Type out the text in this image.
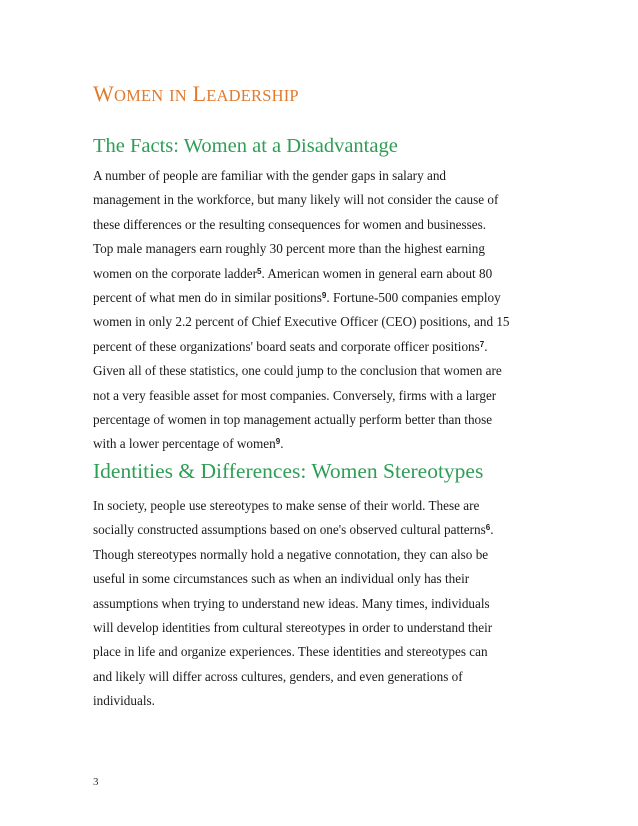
WOMEN IN LEADERSHIP
The Facts: Women at a Disadvantage
A number of people are familiar with the gender gaps in salary and
management in the workforce, but many likely will not consider the cause of
these differences or the resulting consequences for women and businesses.
Top male managers earn roughly 30 percent more than the highest earning
women on the corporate ladder$^5$. American women in general earn about 80
percent of what men do in similar positions$^9$. Fortune-500 companies employ
women in only 2.2 percent of Chief Executive Officer (CEO) positions, and 15
percent of these organizations' board seats and corporate officer positions$^7$.
Given all of these statistics, one could jump to the conclusion that women are
not a very feasible asset for most companies. Conversely, firms with a larger
percentage of women in top management actually perform better than those
with a lower percentage of women$^9$.
Identities & Differences: Women Stereotypes
In society, people use stereotypes to make sense of their world. These are
socially constructed assumptions based on one's observed cultural patterns$^6$.
Though stereotypes normally hold a negative connotation, they can also be
useful in some circumstances such as when an individual only has their
assumptions when trying to understand new ideas. Many times, individuals
will develop identities from cultural stereotypes in order to understand their
place in life and organize experiences. These identities and stereotypes can
and likely will differ across cultures, genders, and even generations of
individuals.

3
